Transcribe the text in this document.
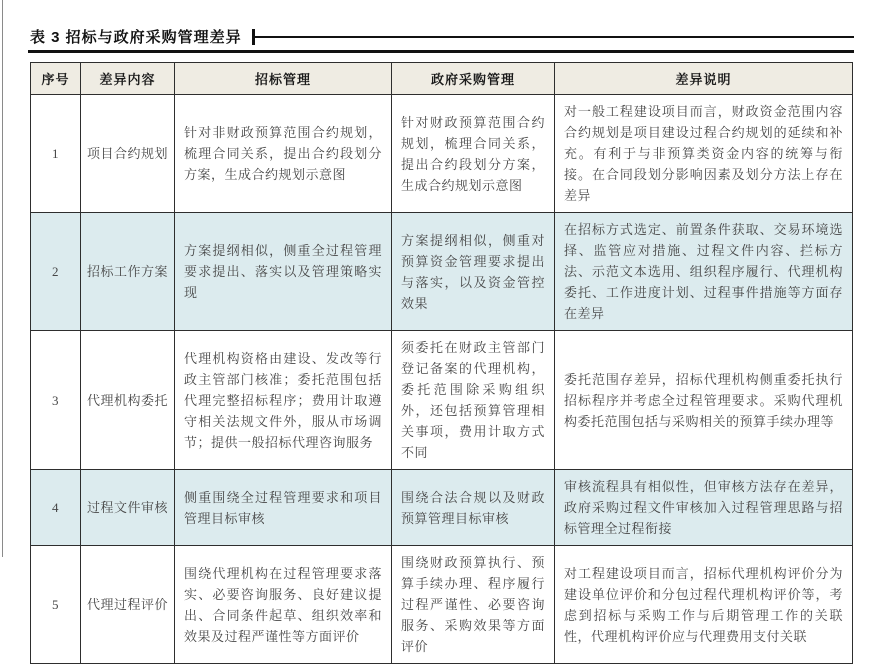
表 3 招标与政府采购管理差异
序号	差异内容	招标管理	政府采购管理	差异说明
1	项目合约规划	针对非财政预算范围合约规划，梳理合同关系，提出合约段划分方案，生成合约规划示意图	针对财政预算范围合约规划，梳理合同关系，提出合约段划分方案，生成合约规划示意图	对一般工程建设项目而言，财政资金范围内容合约规划是项目建设过程合约规划的延续和补充。有利于与非预算类资金内容的统筹与衔接。在合同段划分影响因素及划分方法上存在差异
2	招标工作方案	方案提纲相似，侧重全过程管理要求提出、落实以及管理策略实现	方案提纲相似，侧重对预算资金管理要求提出与落实，以及资金管控效果	在招标方式选定、前置条件获取、交易环境选择、监管应对措施、过程文件内容、拦标方法、示范文本选用、组织程序履行、代理机构委托、工作进度计划、过程事件措施等方面存在差异
3	代理机构委托	代理机构资格由建设、发改等行政主管部门核准；委托范围包括代理完整招标程序；费用计取遵守相关法规文件外，服从市场调节；提供一般招标代理咨询服务	须委托在财政主管部门登记备案的代理机构，委托范围除采购组织外，还包括预算管理相关事项，费用计取方式不同	委托范围存差异，招标代理机构侧重委托执行招标程序并考虑全过程管理要求。采购代理机构委托范围包括与采购相关的预算手续办理等
4	过程文件审核	侧重围绕全过程管理要求和项目管理目标审核	围绕合法合规以及财政预算管理目标审核	审核流程具有相似性，但审核方法存在差异，政府采购过程文件审核加入过程管理思路与招标管理全过程衔接
5	代理过程评价	围绕代理机构在过程管理要求落实、必要咨询服务、良好建议提出、合同条件起草、组织效率和效果及过程严谨性等方面评价	围绕财政预算执行、预算手续办理、程序履行过程严谨性、必要咨询服务、采购效果等方面评价	对工程建设项目而言，招标代理机构评价分为建设单位评价和分包过程代理机构评价等，考虑到招标与采购工作与后期管理工作的关联性，代理机构评价应与代理费用支付关联
